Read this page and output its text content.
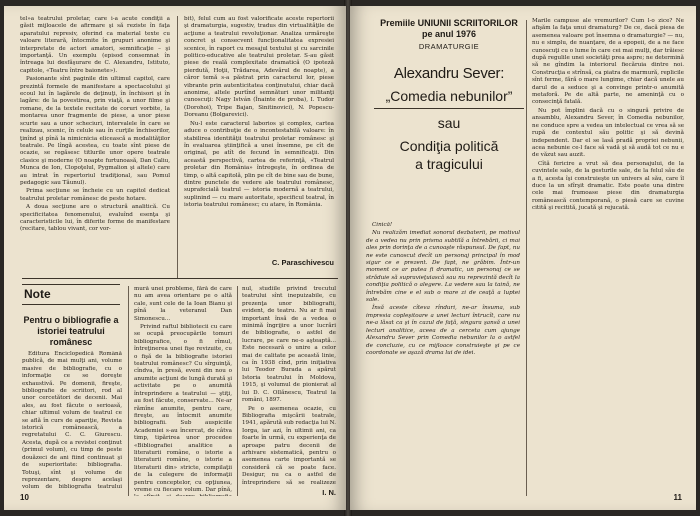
tel»a teatrului proletar, care i-a acute condiţii a găsit mijloacele de afirmare şi să reziste în faţa aparatului represiv, oferind ca material texte cu valoare literară, întocmite în grupuri anonime şi interpretate de actori amatori, semnificaţie – şi importanţă. Un exemplu (episod consemnat în întreaga lui desfăşurare de C. Alexandru, Istituto, capitole, «Teatru între baionete»).

Pasionante sînt paginile din ultimul capitol, care prezintă formele de manifestare a spectacolului şi ecoul lui în lagărele de deţinuţi, în închisori şi în lagăre: de la povestirea, prin viaţă, a unor filme şi romane, de la textele recitate de coruri vorbite, la montarea unor fragmente de piese, a unor piese scurte sau a unor scheciuri, intervalele în care se realizau, scenic, în celule sau în curţile închisorilor, ţinînd şi pînă la nimicnicia elicească a modalităţilor teatrale. Pe lîngă acestea, cu toate sînt piese de ocazie, se regăsesc titlurile unor opere teatrale clasice şi moderne (O noapte furtunoasă, Dan Caliu, Munca de Ion, Clopoţelul, Pygmalion şi altele) care au intrat în repertoriul tradiţional, sau Pomul pedagogic sau Tăunul).

Prima secţiune se încheie cu un capitol dedicat teatrului proletar românesc de peste hotare.

A doua secţiune are o structură analitică. Cu specificitatea fenomenului, evaluînd esenţa şi caracteristicile lui, în diferite forme de manifestare (recitare, tablou vivant, cor vor-

bit), felul cum au fost valorificate aceste repertorii şi dramaturgia, sugestiv, tradus din virtualităţile de acţiune a teatrului revoluţionar. Analiza urmăreşte concret şi consecvent funcţionalitatea expresiei scenice, în raport cu mesajul textului şi cu sarcinile politico-educative ale teatrului proletar. S-au găsit piese de reală complexitate dramatică (O ipoteză pierdută, Hoţii, Trădarea, Adevărul de noapte), a căror temă s-a păstrat prin caracterul lor, piese vibrante prin autenticitatea conţinutului, chiar dacă anonime, altele purtînd semnături unor militanţi cunoscuţi: Nagy István (Înainte de proba), I. Tudor (Dorohoi), Tripe Bajan, Sinitinovici), N. Popescu-Doreanu (Bolgarevici).

Nu-l este caracterul laborios şi complex, cartea aduce o contribuţie de o incontestabilă valoare: în stabilirea identităţii teatrului proletar românesc şi în evaluarea ştiinţifică a unei însemne, pe cît de original, pe atît de fecund în semnificaţii. Din această perspectivă, cartea de referinţă, «Teatrul proletar din România» întregeşte, în ordinea de timp, o altă capitolă, plin pe cît de bine sau de bune, dintre punctele de vedere ale teatrului românesc, suprafecială teatrul — istoria modernă a teatrului, suplinind — cu mare autoritate, specificul teatral, în istoria teatrului românesc; cu atare, în România.

C. Paraschivescu
Note
Pentru o bibliografie a istoriei teatrului românesc

Editura Enciclopedică Română publică, de mai mulţi ani, volume masive de bibliografie, cu o informaţie ce se doreşte exhaustivă. Pe domenii, fireşte, bibliografie de scriitori, rod al unor cercetători de decenii. Mai ales, au fost făcute o serioasă, chiar ultimul volum de teatrul ce se află în curs de apariţie, Revista istorică românească, a regretatului C. C. Giurescu. Acesta, după ce a revistei conţinut (primul volum), cu timp de peste douăzeci de ani fiind continuat şi de superioritate: bibliografia. Totuşi, sînt şi volume de reprezentare, despre acelaşi volum de bibliografia teatrului

mură unei probleme, fără de care nu am avea orientare pe o altă cale, sunt cele de la Ioan Bianu şi pînă la veteranul Dan Simonescu...

Privind raftul bibliotecii cu care se ocupă preocupările tomuri bibliografice, o fi rîmul, întreţinerea unei fişe revizuite, cu o fişă de la bibliografie istoriei teatrului românesc? Cu sîrguinţă, cîndva, în presă, eveni din nou o anumite acţiuni de lungă durată şi activitate pe o anumită întreprindere a teatrului — ştiţi, au fost făcute, conservate... Ne-ar rămîne anumite, pentru care, fireşte, au întocmit anumite bibliografii. Sub auspiciile Academiei s-au încercat, de câtva timp, tipărirea unor procedee «Bibliografiei analitice a literaturii române, o istorie a literaturii române, o istorie a literaturii din» stricte, compilaţii de la culegere de informaţii pentru conceptelor, cu opţiunea, vreme cu fiecare volum. Dar pînă,

nul, studiile privind trecutul teatrului sînt inepuizabile, cu prezenţa unor bibliografii, evident, de teatru. Nu ar fi mai important însă de a vedea o minimă îngrijire a unor lucrări de bibliografie, o astfel de lucrare, pe care ne-o aşteaptă... Este necesară o unire a celor mai de calitate pe această linie, ca în 1938 cînd, prin iniţiativa lui Teodor Burada a apărut Istoria teatrului în Moldova, 1915, şi volumul de pionierat al lui D. C. Ollănescu, Teatrul la români, 1897.

Pe o asemenea ocazie, cu Bibliografia mişcării teatrale, 1941, apărută sub redacţia lui N. Iorga, iar azi, în ultimii ani, ca foarte în urmă, cu experienţa de aproape patru decenii de arhivare sistematică, pentru o asemenea carte importantă se consideră că se poate face. Desigur, nu ca o astfel de întreprindere să se realizeze

I. N.
10
Premiile UNIUNII SCRIITORILOR
pe anul 1976
DRAMATURGIE
Alexandru Sever:
„Comedia nebunilor”
sau
Condiţia politică
a tragicului

Cinică!

Nu realizăm imediat sonorul dezbaterii, pe motivul de a vedea nu prin prisma subtilă a întrebării, ci mai ales prin dorinţa de a cunoaşte răspunsul. De fapt, nu ne este cunoscut decît un personaj principal în mod sigur ce e prezent. De fapt, ne grăbim. Într-un moment ce ar putea fi dramatic, un personaj ce se străduie să supravieţuiască sau nu reprezintă decît la condiţia politică o alegere. La vedere sau la taină, ne întrebăm cine e el sub o mare zi de ceaţă a luptei sale.

Însă aceste cîteva rînduri, ne-ar însuma, sub impresia copleşitoare a unei lecturi întrucît, care nu ne-a lăsat ca şi în cazul de faţă, singura şansă a unei lecturi analitice, aceea de a cerceta cum ajunge Alexandru Sever prin Comedia nebunilor la o astfel de concluzie, cu ce mijloace construieşte şi pe ce coordonate se aşază drama lui de idei.

Marile campuse ale vremurilor? Cum l-o zice? Ne afişăm la faţa unui dramaturg? De ce, dacă piesa de asemenea valoare pot însemna o dramaturgie? — nu, nu e simplu, de nuanţare, de a epopeii, de a ne face cunoscuţi cu o lume în care cei mai mulţi, dar trăiesc după regulile unei societăţi prea aspre; ne determină să ne gîndim la interiorul fiecăruia dintre noi. Construcţia e strînsă, ca piatra de marmură, replicile sînt ferme, fără o mare lungime, chiar dacă unele au darul de a seduce şi a convinge printr-o anumită metaforă. Pe de altă parte, ne ameninţă cu o consecinţă fatală.

Nu pot împlini dacă cu o singură privire de ansamblu, Alexandru Sever, în Comedia nebunilor, ne conduce spre a vedea un intelectual ce vrea să se rupă de contextul său politic şi să devină independent. Dar el se lasă pradă propriei nebunii, acea nebunie ce-l face să vadă şi să audă tot ce nu e de văzut sau auzit.

Cîtă fericire a vrut să dea personajului, de la cuvintele sale, de la gesturile sale, de la felul său de a fi, acesta îşi construieşte un univers al său, care îl duce la un sfîrşit dramatic. Este poate una dintre cele mai frumoase piese din dramaturgia românească contemporană, o piesă care se cuvine citită şi recitită, jucată şi rejucată.

11
